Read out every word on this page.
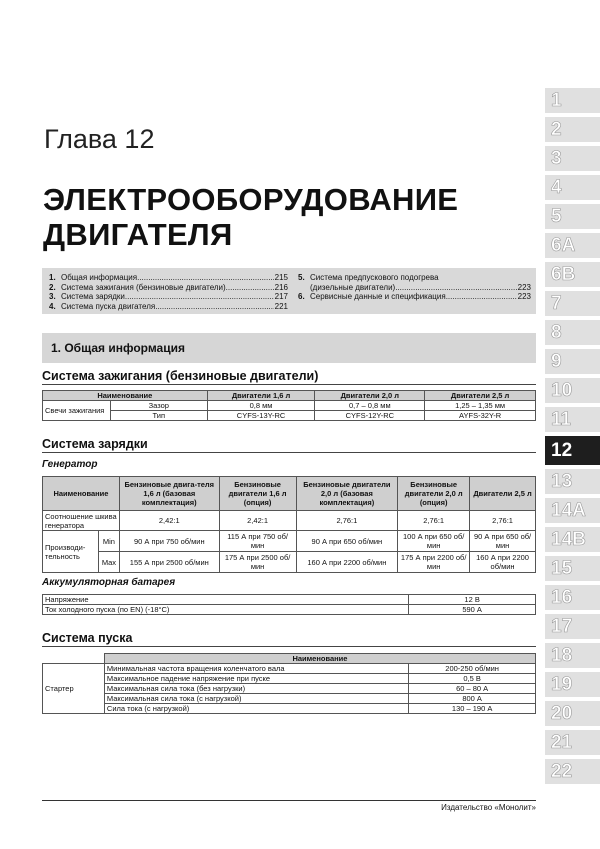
Глава 12
ЭЛЕКТРООБОРУДОВАНИЕ
ДВИГАТЕЛЯ
1. Общая информация .....	215
2. Система зажигания (бензиновые двигатели) .....	216
3. Система зарядки .....	217
4. Система пуска двигателя .....	221
5. Система предпускового подогрева
(дизельные двигатели) .....	223
6. Сервисные данные и спецификация .....	223
1. Общая информация
Система зажигания (бензиновые двигатели)
Наименование		Двигатели 1,6 л	Двигатели 2,0 л	Двигатели 2,5 л
Свечи зажигания	Зазор	0,8 мм	0,7 – 0,8 мм	1,25 – 1,35 мм
	Тип	CYFS-13Y-RC	CYFS-12Y-RC	AYFS-32Y-R
Система зарядки
Генератор
Наименование		Бензиновые двига-теля 1,6 л (базовая комплектация)	Бензиновые двигатели 1,6 л (опция)	Бензиновые двигатели 2,0 л (базовая комплектация)	Бензиновые двигатели 2,0 л (опция)	Двигатели 2,5 л
Соотношение шкива генератора		2,42:1	2,42:1	2,76:1	2,76:1	2,76:1
Производи-тельность	Min	90 А при 750 об/мин	115 А при 750 об/мин	90 А при 650 об/мин	100 А при 650 об/мин	90 А при 650 об/мин
	Max	155 А при 2500 об/мин	175 А при 2500 об/мин	160 А при 2200 об/мин	175 А при 2200 об/мин	160 А при 2200 об/мин
Аккумуляторная батарея
Напряжение	12 В
Ток холодного пуска (по EN) (-18°C)	590 А
Система пуска
	Наименование	
Стартер	Минимальная частота вращения коленчатого вала	200-250 об/мин
	Максимальное падение напряжение при пуске	0,5 В
	Максимальная сила тока (без нагрузки)	60 – 80 А
	Максимальная сила тока (с нагрузкой)	800 А
	Сила тока (с нагрузкой)	130 – 190 А
1
2
3
4
5
6А
6В
7
8
9
10
11
12
13
14А
14В
15
16
17
18
19
20
21
22
Издательство «Монолит»
